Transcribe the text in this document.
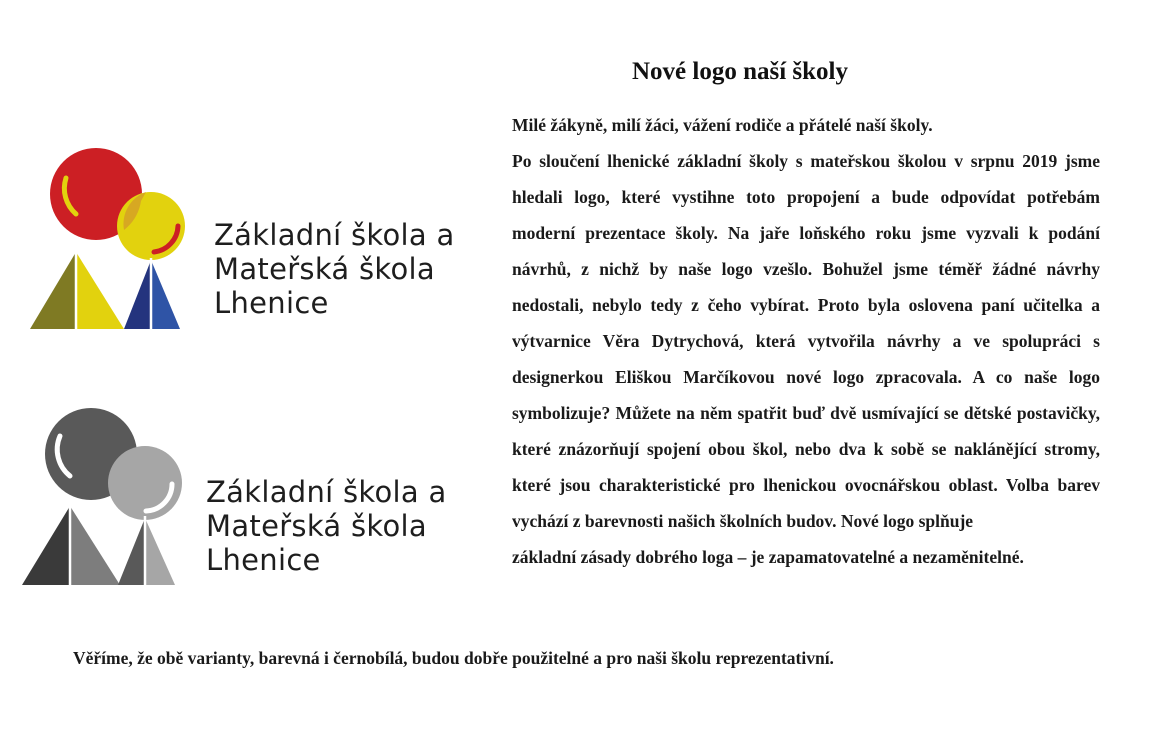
Základní škola a
Mateřská škola
Lhenice
Základní škola a
Mateřská škola
Lhenice
Nové logo naší školy

Milé žákyně, milí žáci, vážení rodiče a přátelé naší školy.

Po sloučení lhenické základní školy s mateřskou školou v srpnu 2019 jsme hledali logo, které vystihne toto propojení a bude odpovídat potřebám moderní prezentace školy. Na jaře loňského roku jsme vyzvali k podání návrhů, z nichž by naše logo vzešlo. Bohužel jsme téměř žádné návrhy nedostali, nebylo tedy z čeho vybírat. Proto byla oslovena paní učitelka a výtvarnice Věra Dytrychová, která vytvořila návrhy a ve spolupráci s designerkou Eliškou Marčíkovou nové logo zpracovala. A co naše logo symbolizuje? Můžete na něm spatřit buď dvě usmívající se dětské postavičky, které znázorňují spojení obou škol, nebo dva k sobě se naklánějící stromy, které jsou charakteristické pro lhenickou ovocnářskou oblast. Volba barev vychází z barevnosti našich školních budov. Nové logo splňuje

základní zásady dobrého loga – je zapamatovatelné a nezaměnitelné.

Věříme, že obě varianty, barevná i černobílá, budou dobře použitelné a pro naši školu reprezentativní.
